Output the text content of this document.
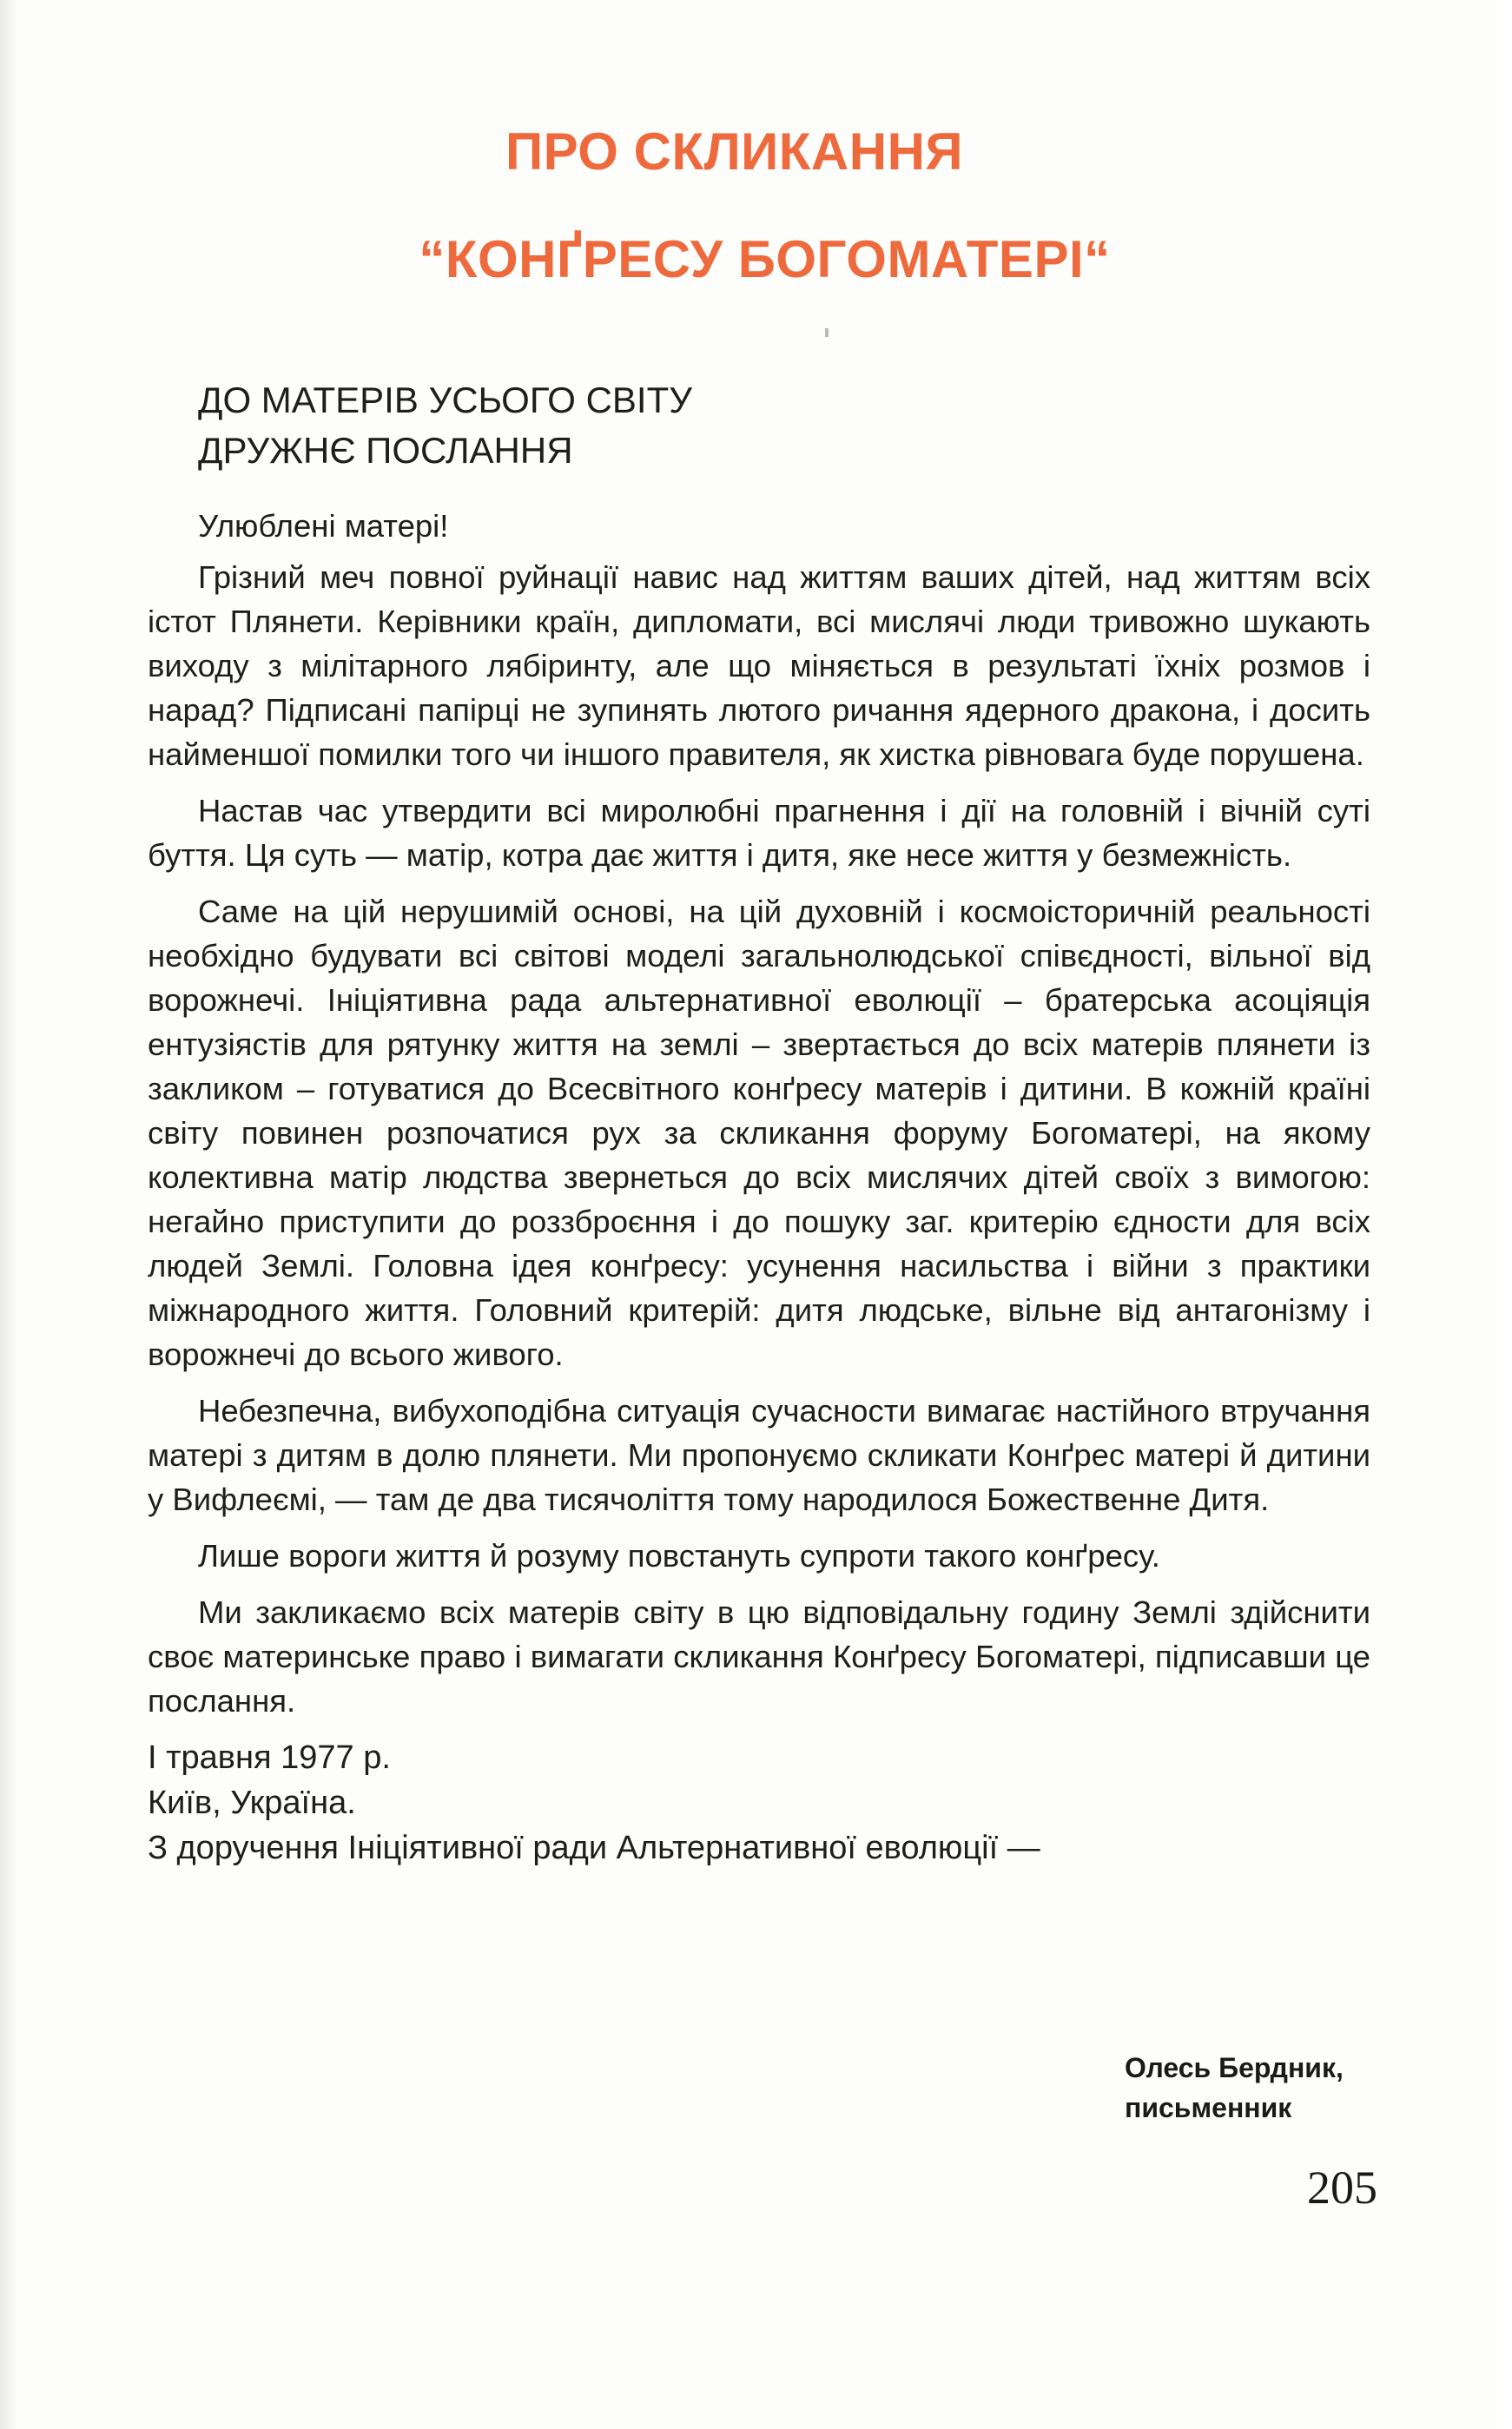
ПРО СКЛИКАННЯ
“КОНҐРЕСУ БОГОМАТЕРІ“
ДО МАТЕРІВ УСЬОГО СВІТУ
ДРУЖНЄ ПОСЛАННЯ

Улюблені матері!

Грізний меч повної руйнації навис над життям ваших дітей, над життям всіх істот Плянети. Керівники країн, дипломати, всі мислячі люди тривожно шукають виходу з мілітарного лябіринту, але що міняється в результаті їхніх розмов і нарад? Підписані папірці не зупинять лютого ричання ядерного дракона, і досить найменшої помилки того чи іншого правителя, як хистка рівновага буде порушена.

Настав час утвердити всі миролюбні прагнення і дії на головній і вічній суті буття. Ця суть — матір, котра дає життя і дитя, яке несе життя у безмежність.

Саме на цій нерушимій основі, на цій духовній і космоісторичній реальності необхідно будувати всі світові моделі загальнолюдської співєдності, вільної від ворожнечі. Ініціятивна рада альтернативної еволюції – братерська асоціяція ентузіястів для рятунку життя на землі – звертається до всіх матерів плянети із закликом – готуватися до Всесвітного конґресу матерів і дитини. В кожній країні світу повинен розпочатися рух за скликання форуму Богоматері, на якому колективна матір людства звернеться до всіх мислячих дітей своїх з вимогою: негайно приступити до роззброєння і до пошуку заг. критерію єдности для всіх людей Землі. Головна ідея конґресу: усунення насильства і війни з практики міжнародного життя. Головний критерій: дитя людське, вільне від антагонізму і ворожнечі до всього живого.

Небезпечна, вибухоподібна ситуація сучасности вимагає настійного втручання матері з дитям в долю плянети. Ми пропонуємо скликати Конґрес матері й дитини у Вифлеємі, — там де два тисячоліття тому народилося Божественне Дитя.

Лише вороги життя й розуму повстануть супроти такого конґресу.

Ми закликаємо всіх матерів світу в цю відповідальну годину Землі здійснити своє материнське право і вимагати скликання Конґресу Богоматері, підписавши це послання.

І травня 1977 р.
Київ, Україна.
З доручення Ініціятивної ради Альтернативної еволюції —
Олесь Бердник,
письменник
205
